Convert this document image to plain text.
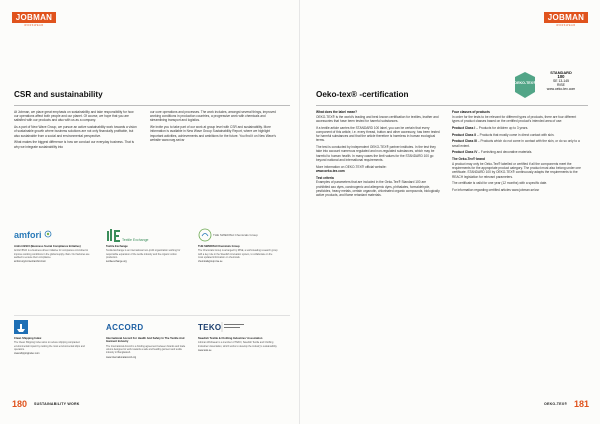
JOBMAN
WORKWEAR
CSR and sustainability

At Jobman, we place great emphasis on sustainability and take responsibility for how our operations affect both people and our planet. Of course, we hope that you are satisfied with our products and also with us as a company.

As a part of New Wave Group, we pursue an active sustainability work towards a vision of sustainable growth where business solutions are not only financially profitable, but also sustainable from a social and environmental perspective.

What makes the biggest difference is how we conduct our everyday business. That is why we integrate sustainability into

our core operations and processes. The work includes, amongst several things, improved working conditions in production countries, a progressive work with chemicals and streamlining transport and logistics.

We invite you to take part of our work at group level with CSR and sustainability. More information is available in New Wave Group Sustainability Report, where we highlight important activities, achievements and ambitions for the future. You find it on New Wave's website www.nwg.se/csr

amfori
Amfori BSCI (Business Social Compliance Initiative)
Amfori BSCI is a business driven initiative for companies committed to improve working conditions in the global supply chain. Our factories are audited to ensure their compliance.
amfori.org/content/amfori-bsci
Textile Exchange
Textile Exchange
Textile Exchange is an international non-profit organization working for responsible expansion of the textile industry and the organic cotton production.
textileexchange.org
THE SWEDISH Chemicals Group
THE SWEDISH Chemicals Group
The Chemicals Group is arranged by RISE, a world-leading research group with a key role in the Swedish innovation system, to collaborate on the most updated information on chemicals.
chemicalsgroup.rise.se
Clean Shipping Index
The Clean Shipping Index aims to reduce shipping companies' environmental impact by ranking the most environmental ships and operators.
cleanshippingindex.com
ACCORD
International Accord For Health And Safety In The Textile And Garment Industry
The International Accord is a binding agreement between brands and trade unions designed to work towards a safe and healthy garment and textile industry in Bangladesh.
www.internationalaccord.org
TEKO
Swedish Textile & Clothing Industries' Association
Jobman Workwear is a member of TEKO, Swedish Textile and Clothing Industries' Association, which works to develop the industry's sustainability.
www.teko.se
180 SUSTAINABILITY WORK
JOBMAN
WORKWEAR
Oeko-tex® -certification

What does the label mean?

OEKO-TEX® is the world's leading and best known certification for textiles, leather and accessories that have been tested for harmful substances.

If a textile article carries the STANDARD 100 label, you can be certain that every component of this article, i.e. every thread, button and other accessory, has been tested for harmful substances and that the article therefore is harmless in human ecological terms.

The test is conducted by independent OEKO-TEX® partner institutes. In the test they take into account numerous regulated and non-regulated substances, which may be harmful to human health. In many cases the limit values for the STANDARD 100 go beyond national and international requirements.

More information on OEKO-TEX® official website:

www.oeko-tex.com

Test criteria

Examples of parameters that are included in the Oeko-Tex® Standard 100 are prohibited azo dyes, carcinogenic and allergenic dyes, phthalates, formaldehyde, pesticides, heavy metals, certain organotin, chlorinated organic compounds, biologically active products, and flame retardant materials.

Four classes of products

In order for the tests to be relevant for different types of products, there are four different types of product classes based on the certified product's intended area of use:

Product Class I – Products for children up to 3 years.

Product Class II – Products that mostly come in direct contact with skin.

Product Class III – Products which do not come in contact with the skin, or do so only to a small extent.

Product Class IV – Furnishing and decorative materials.

The Oeko-Tex® brand

A product may only be Oeko-Tex® labelled or certified if all the components meet the requirements for the appropriate product category. The product must also belong under one certificate. STANDARD 100 by OEKO-TEX® continuously adapts the requirements to the REACH legislation for relevant parameters.

The certificate is valid for one year (12 months) with a specific date.

For information regarding certified articles www.jobman.se/csr

181
OEKO-TEX®
OEKO-TEX®
STANDARD
100
SE 13-145
RISE
www.oeko-tex.com
